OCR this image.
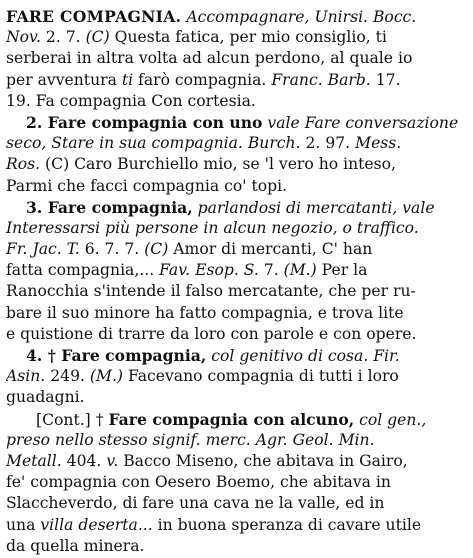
FARE COMPAGNIA. Accompagnare, Unirsi. Bocc.
Nov. 2. 7. (C) Questa fatica, per mio consiglio, ti
serberai in altra volta ad alcun perdono, al quale io
per avventura ti farò compagnia. Franc. Barb. 17.
19. Fa compagnia Con cortesia.
2. Fare compagnia con uno vale Fare conversazione
seco, Stare in sua compagnia. Burch. 2. 97. Mess.
Ros. (C) Caro Burchiello mio, se 'l vero ho inteso,
Parmi che facci compagnia co' topi.
3. Fare compagnia, parlandosi di mercatanti, vale
Interessarsi più persone in alcun negozio, o traffico.
Fr. Jac. T. 6. 7. 7. (C) Amor di mercanti, C' han
fatta compagnia,... Fav. Esop. S. 7. (M.) Per la
Ranocchia s'intende il falso mercatante, che per ru-
bare il suo minore ha fatto compagnia, e trova lite
e quistione di trarre da loro con parole e con opere.
4. † Fare compagnia, col genitivo di cosa. Fir.
Asin. 249. (M.) Facevano compagnia di tutti i loro
guadagni.
[Cont.] † Fare compagnia con alcuno, col gen.,
preso nello stesso signif. merc. Agr. Geol. Min.
Metall. 404. v. Bacco Miseno, che abitava in Gairo,
fe' compagnia con Oesero Boemo, che abitava in
Slaccheverdo, di fare una cava ne la valle, ed in
una villa deserta... in buona speranza di cavare utile
da quella minera.
